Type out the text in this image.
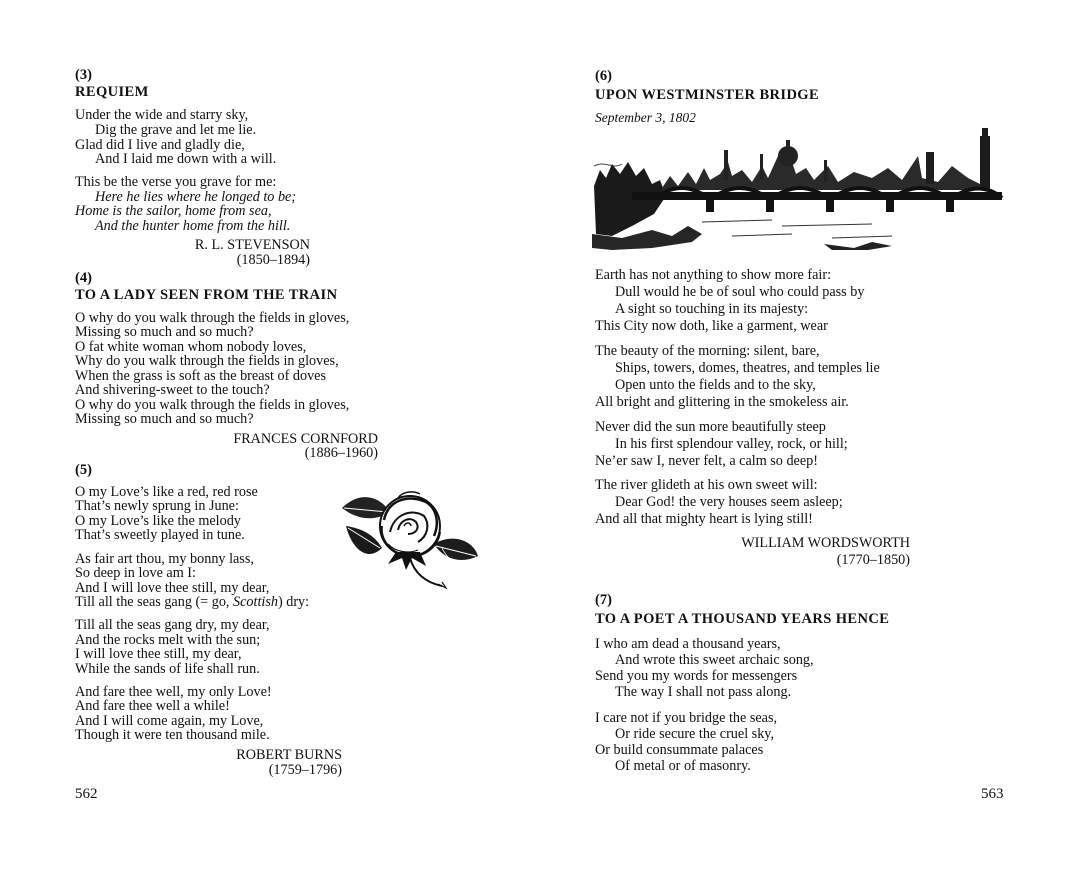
(3)
REQUIEM
Under the wide and starry sky,
Dig the grave and let me lie.
Glad did I live and gladly die,
And I laid me down with a will.
This be the verse you grave for me:
Here he lies where he longed to be;
Home is the sailor, home from sea,
And the hunter home from the hill.
R. L. STEVENSON
(1850–1894)
(4)
TO A LADY SEEN FROM THE TRAIN
O why do you walk through the fields in gloves,
Missing so much and so much?
O fat white woman whom nobody loves,
Why do you walk through the fields in gloves,
When the grass is soft as the breast of doves
And shivering-sweet to the touch?
O why do you walk through the fields in gloves,
Missing so much and so much?
FRANCES CORNFORD
(1886–1960)
(5)
O my Love’s like a red, red rose
That’s newly sprung in June:
O my Love’s like the melody
That’s sweetly played in tune.
As fair art thou, my bonny lass,
So deep in love am I:
And I will love thee still, my dear,
Till all the seas gang (= go, Scottish) dry:
Till all the seas gang dry, my dear,
And the rocks melt with the sun;
I will love thee still, my dear,
While the sands of life shall run.
And fare thee well, my only Love!
And fare thee well a while!
And I will come again, my Love,
Though it were ten thousand mile.
ROBERT BURNS
(1759–1796)
562
(6)
UPON WESTMINSTER BRIDGE
September 3, 1802
Earth has not anything to show more fair:
Dull would he be of soul who could pass by
A sight so touching in its majesty:
This City now doth, like a garment, wear
The beauty of the morning: silent, bare,
Ships, towers, domes, theatres, and temples lie
Open unto the fields and to the sky,
All bright and glittering in the smokeless air.
Never did the sun more beautifully steep
In his first splendour valley, rock, or hill;
Ne’er saw I, never felt, a calm so deep!
The river glideth at his own sweet will:
Dear God! the very houses seem asleep;
And all that mighty heart is lying still!
WILLIAM WORDSWORTH
(1770–1850)
(7)
TO A POET A THOUSAND YEARS HENCE
I who am dead a thousand years,
And wrote this sweet archaic song,
Send you my words for messengers
The way I shall not pass along.
I care not if you bridge the seas,
Or ride secure the cruel sky,
Or build consummate palaces
Of metal or of masonry.
563
